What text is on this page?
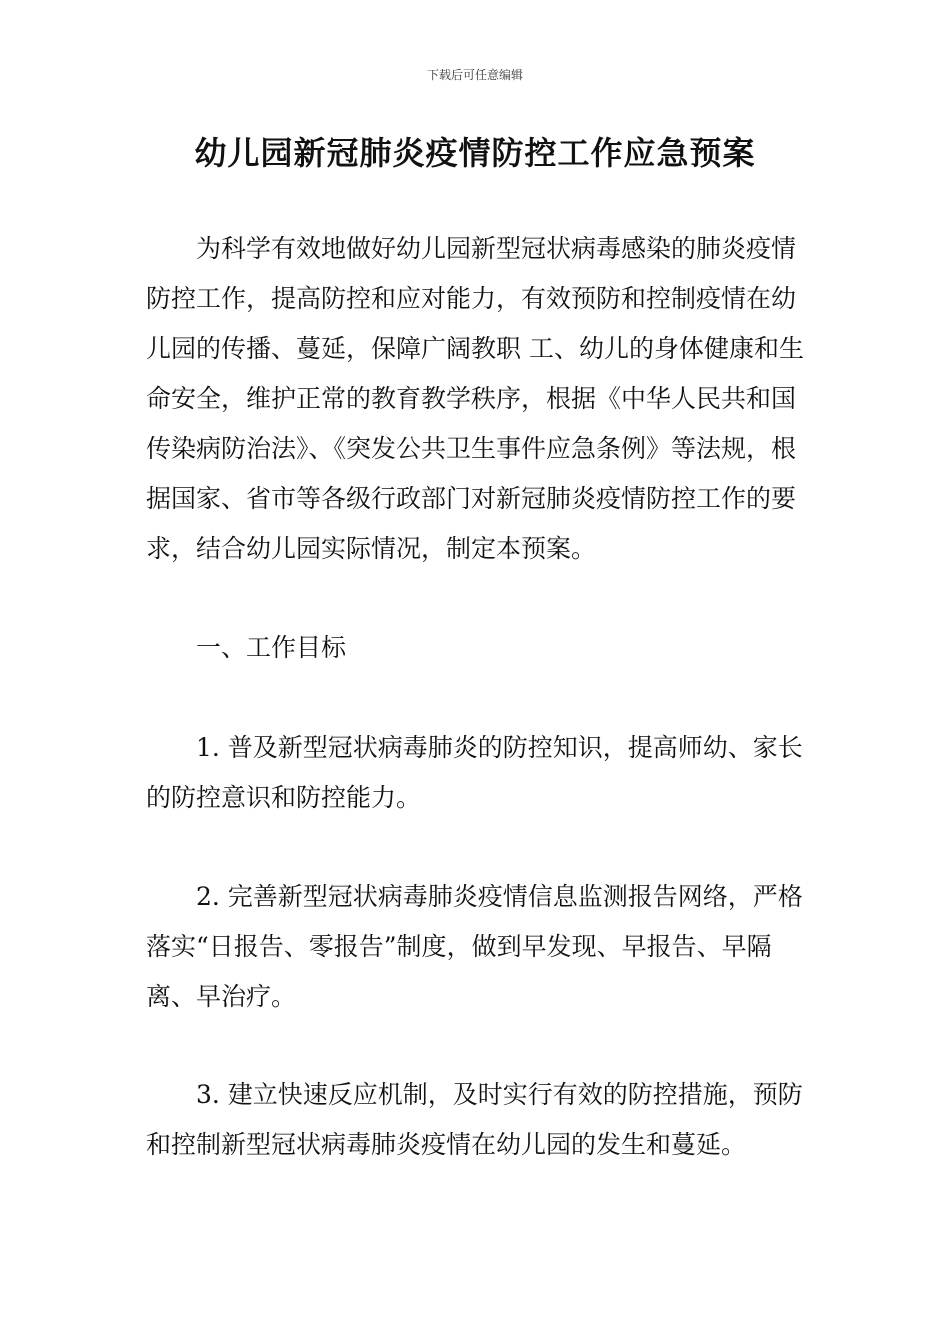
下载后可任意编辑
幼儿园新冠肺炎疫情防控工作应急预案

为科学有效地做好幼儿园新型冠状病毒感染的肺炎疫情防控工作，提高防控和应对能力，有效预防和控制疫情在幼儿园的传播、蔓延，保障广阔教职 工、幼儿的身体健康和生命安全，维护正常的教育教学秩序，根据《中华人民共和国传染病防治法》、《突发公共卫生事件应急条例》等法规，根据国家、省市等各级行政部门对新冠肺炎疫情防控工作的要求，结合幼儿园实际情况，制定本预案。

一、工作目标

1. 普及新型冠状病毒肺炎的防控知识，提高师幼、家长的防控意识和防控能力。

2. 完善新型冠状病毒肺炎疫情信息监测报告网络，严格落实“日报告、零报告”制度，做到早发现、早报告、早隔离、早治疗。

3. 建立快速反应机制，及时实行有效的防控措施，预防和控制新型冠状病毒肺炎疫情在幼儿园的发生和蔓延。
